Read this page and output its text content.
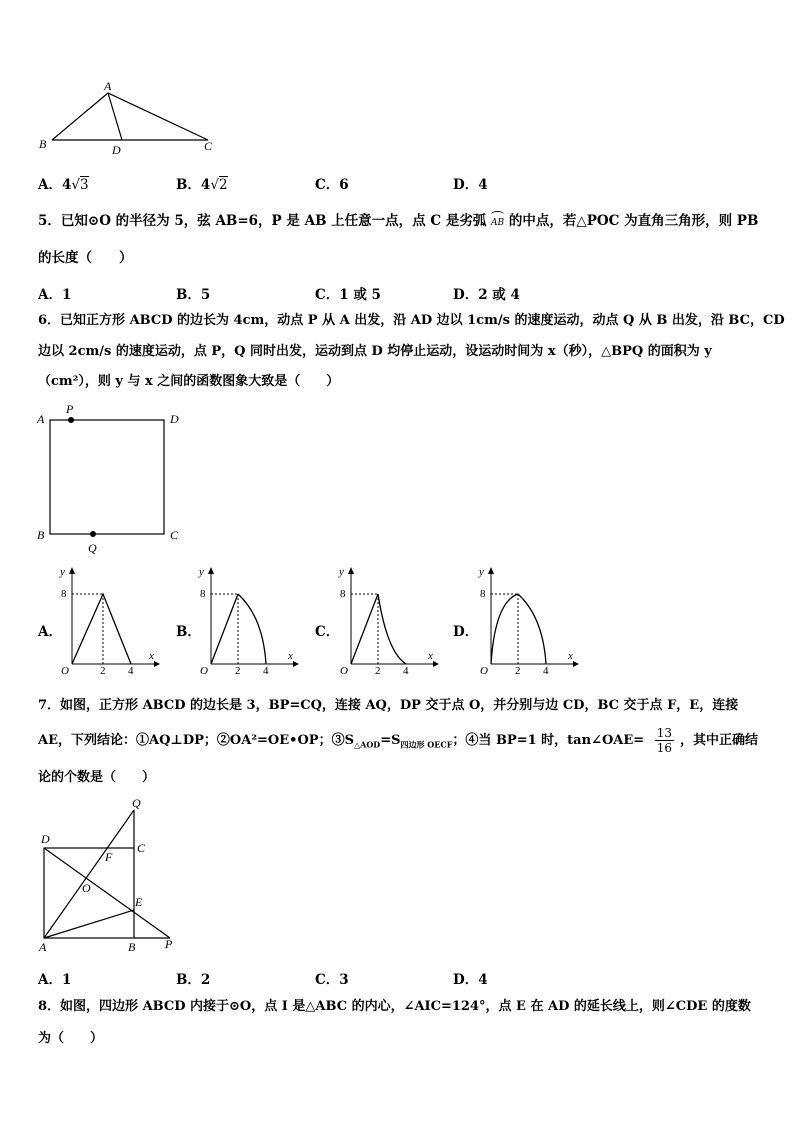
A
B	D	C
A．4√3	B．4√2	C．6	D．4
5．已知⊙O 的半径为 5，弦 AB=6，P 是 AB 上任意一点，点 C 是劣弧 AB 的中点，若△POC 为直角三角形，则 PB
的长度（　　）
A．1	B．5	C．1 或 5	D．2 或 4
6．已知正方形 ABCD 的边长为 4cm，动点 P 从 A 出发，沿 AD 边以 1cm/s 的速度运动，动点 Q 从 B 出发，沿 BC，CD
边以 2cm/s 的速度运动，点 P，Q 同时出发，运动到点 D 均停止运动，设运动时间为 x（秒），△BPQ 的面积为 y
（cm²），则 y 与 x 之间的函数图象大致是（　　）
A
P
D
B
Q
C
A．	B．	C．	D．
y
x
O
8
2 4
y
x
O
8
2 4
y
x
O
8
2 4
y
x
O
8
2 4
7．如图，正方形 ABCD 的边长是 3，BP=CQ，连接 AQ，DP 交于点 O，并分别与边 CD，BC 交于点 F，E，连接
AE，下列结论：①AQ⊥DP；②OA²=OE•OP；$③S_{\triangle AOD}=S_{四边形 OECF}$；④当 BP=1 时，tan∠OAE= $\frac{13}{16}$ ，其中正确结
论的个数是（　　）
Q
D
C
F
O
E
A	B P
A．1	B．2	C．3	D．4
8．如图，四边形 ABCD 内接于⊙O，点 I 是△ABC 的内心，∠AIC=124°，点 E 在 AD 的延长线上，则∠CDE 的度数
为（　　）
